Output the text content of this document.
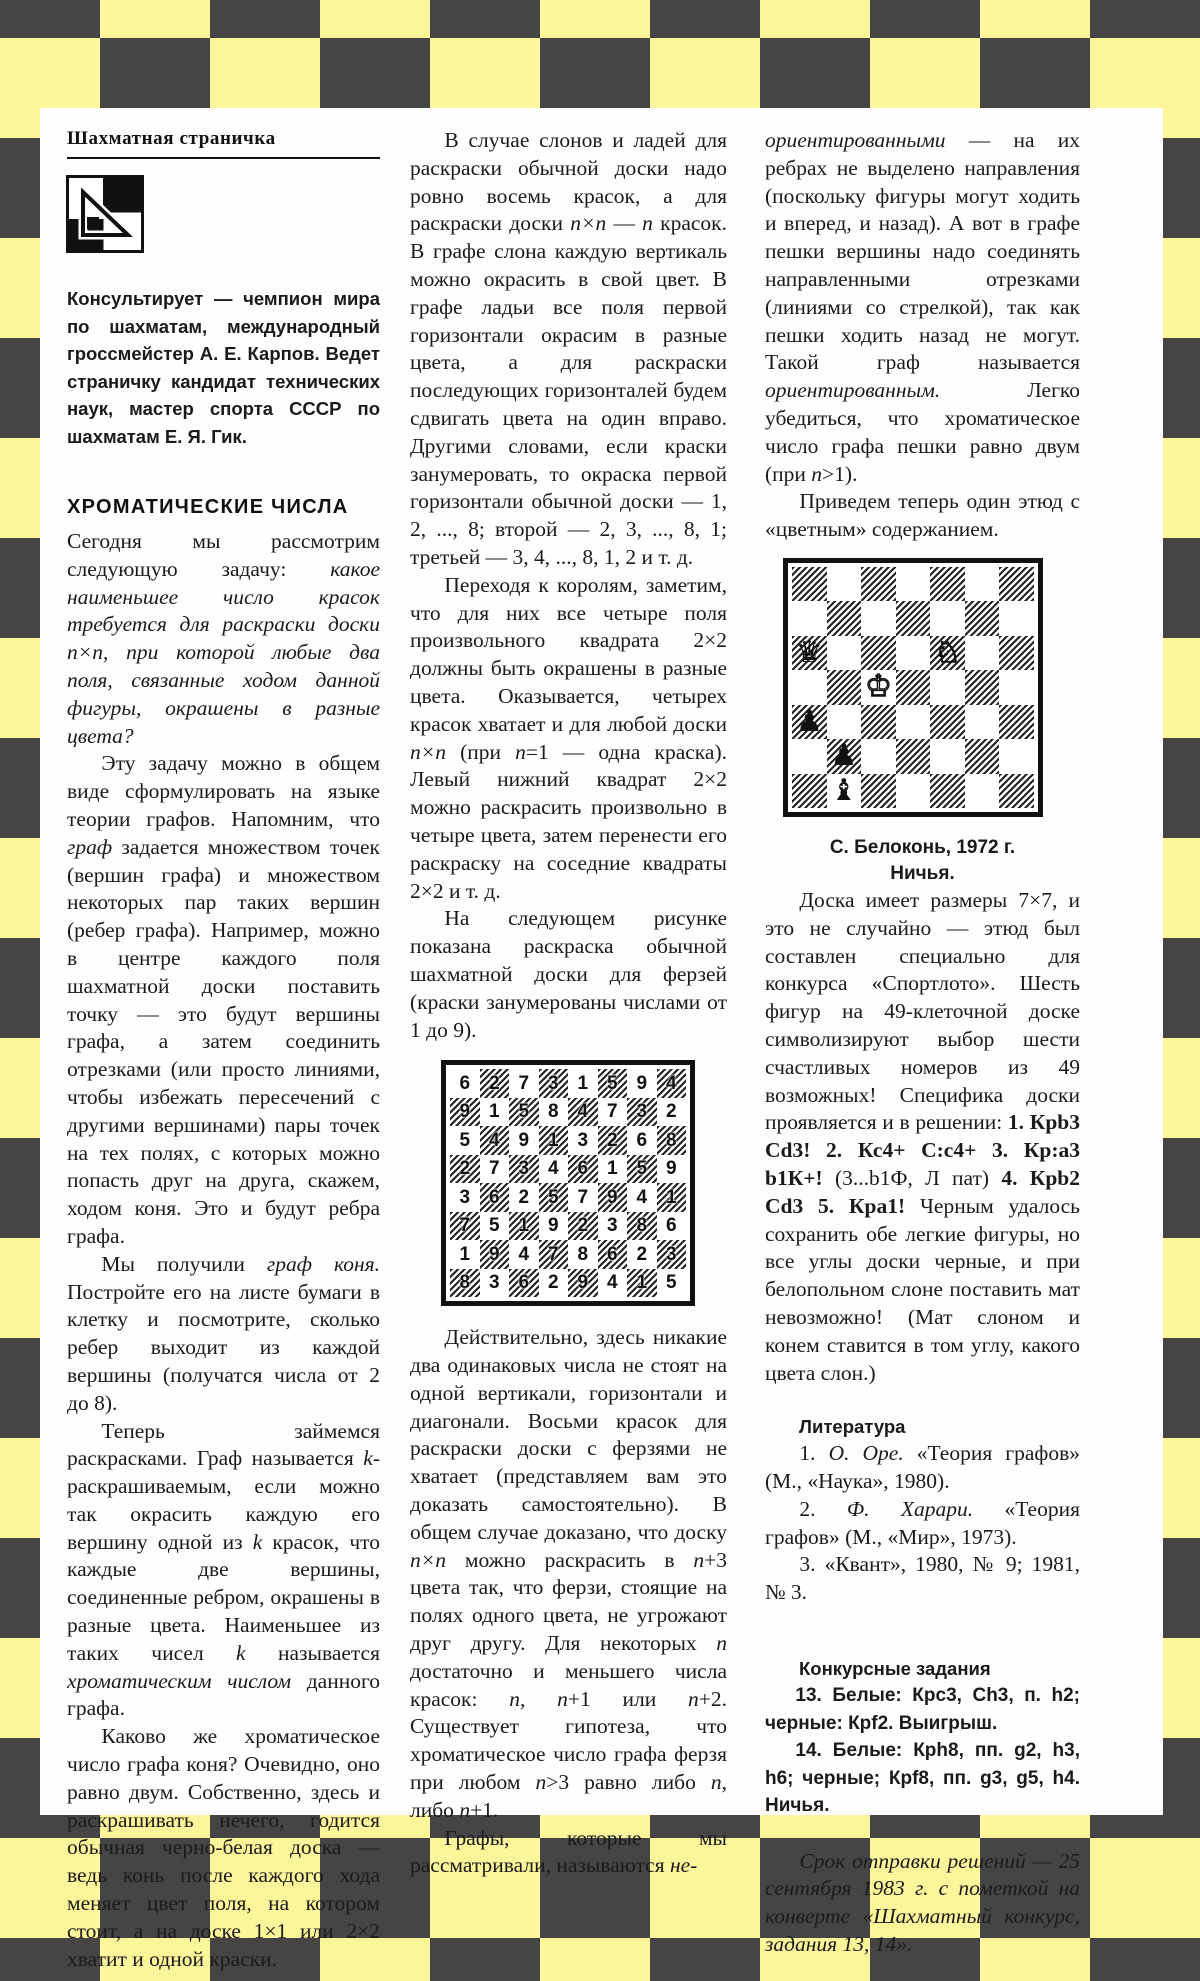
Шахматная страничка
Консультирует — чемпион мира по шахматам, международный гроссмейстер А. Е. Карпов. Ведет страничку кандидат технических наук, мастер спорта СССР по шахматам Е. Я. Гик.
ХРОМАТИЧЕСКИЕ ЧИСЛА

Сегодня мы рассмотрим следующую задачу: какое наименьшее число красок требуется для раскраски доски n×n, при которой любые два поля, связанные ходом данной фигуры, окрашены в разные цвета?

Эту задачу можно в общем виде сформулировать на языке теории графов. Напомним, что граф задается множеством точек (вершин графа) и множеством некоторых пар таких вершин (ребер графа). Например, можно в центре каждого поля шахматной доски поставить точку — это будут вершины графа, а затем соединить отрезками (или просто линиями, чтобы избежать пересечений с другими вершинами) пары точек на тех полях, с которых можно попасть друг на друга, скажем, ходом коня. Это и будут ребра графа.

Мы получили граф коня. Постройте его на листе бумаги в клетку и посмотрите, сколько ребер выходит из каждой вершины (получатся числа от 2 до 8).

Теперь займемся раскрасками. Граф называется k-раскрашиваемым, если можно так окрасить каждую его вершину одной из k красок, что каждые две вершины, соединенные ребром, окрашены в разные цвета. Наименьшее из таких чисел k называется хроматическим числом данного графа.

Каково же хроматическое число графа коня? Очевидно, оно равно двум. Собственно, здесь и раскрашивать нечего, годится обычная черно-белая доска — ведь конь после каждого хода меняет цвет поля, на котором стоит, а на доске 1×1 или 2×2 хватит и одной краски.

В случае слонов и ладей для раскраски обычной доски надо ровно восемь красок, а для раскраски доски n×n — n красок. В графе слона каждую вертикаль можно окрасить в свой цвет. В графе ладьи все поля первой горизонтали окрасим в разные цвета, а для раскраски последующих горизонталей будем сдвигать цвета на один вправо. Другими словами, если краски занумеровать, то окраска первой горизонтали обычной доски — 1, 2, ..., 8; второй — 2, 3, ..., 8, 1; третьей — 3, 4, ..., 8, 1, 2 и т. д.

Переходя к королям, заметим, что для них все четыре поля произвольного квадрата 2×2 должны быть окрашены в разные цвета. Оказывается, четырех красок хватает и для любой доски n×n (при n=1 — одна краска). Левый нижний квадрат 2×2 можно раскрасить произвольно в четыре цвета, затем перенести его раскраску на соседние квадраты 2×2 и т. д.

На следующем рисунке показана раскраска обычной шахматной доски для ферзей (краски занумерованы числами от 1 до 9).

6 2 7 3 1 5 9 4
9 1 5 8 4 7 3 2
5 4 9 1 3 2 6 8
2 7 3 4 6 1 5 9
3 6 2 5 7 9 4 1
7 5 1 9 2 3 8 6
1 9 4 7 8 6 2 3
8 3 6 2 9 4 1 5

Действительно, здесь никакие два одинаковых числа не стоят на одной вертикали, горизонтали и диагонали. Восьми красок для раскраски доски с ферзями не хватает (представляем вам это доказать самостоятельно). В общем случае доказано, что доску n×n можно раскрасить в n+3 цвета так, что ферзи, стоящие на полях одного цвета, не угрожают друг другу. Для некоторых n достаточно и меньшего числа красок: n, n+1 или n+2. Существует гипотеза, что хроматическое число графа ферзя при любом n>3 равно либо n, либо n+1.

Графы, которые мы рассматривали, называются не-

ориентированными — на их ребрах не выделено направления (поскольку фигуры могут ходить и вперед, и назад). А вот в графе пешки вершины надо соединять направленными отрезками (линиями со стрелкой), так как пешки ходить назад не могут. Такой граф называется ориентированным. Легко убедиться, что хроматическое число графа пешки равно двум (при n>1).

Приведем теперь один этюд с «цветным» содержанием.

♛	♘
♔
♟
♟
♝
С. Белоконь, 1972 г.
Ничья.

Доска имеет размеры 7×7, и это не случайно — этюд был составлен специально для конкурса «Спортлото». Шесть фигур на 49-клеточной доске символизируют выбор шести счастливых номеров из 49 возможных! Специфика доски проявляется и в решении: 1. Крb3 Сd3! 2. Кс4+ С:с4+ 3. Кр:а3 b1К+! (3...b1Ф, Л пат) 4. Крb2 Сd3 5. Кра1! Черным удалось сохранить обе легкие фигуры, но все углы доски черные, и при белопольном слоне поставить мат невозможно! (Мат слоном и конем ставится в том углу, какого цвета слон.)

Литература

1. О. Оре. «Теория графов» (М., «Наука», 1980).

2. Ф. Харари. «Теория графов» (М., «Мир», 1973).

3. «Квант», 1980, № 9; 1981, № 3.

Конкурсные задания

13. Белые: Крс3, Сh3, п. h2; черные: Крf2. Выигрыш.

14. Белые: Крh8, пп. g2, h3, h6; черные; Крf8, пп. g3, g5, h4. Ничья.

Срок отправки решений — 25 сентября 1983 г. с пометкой на конверте «Шахматный конкурс, задания 13, 14».
